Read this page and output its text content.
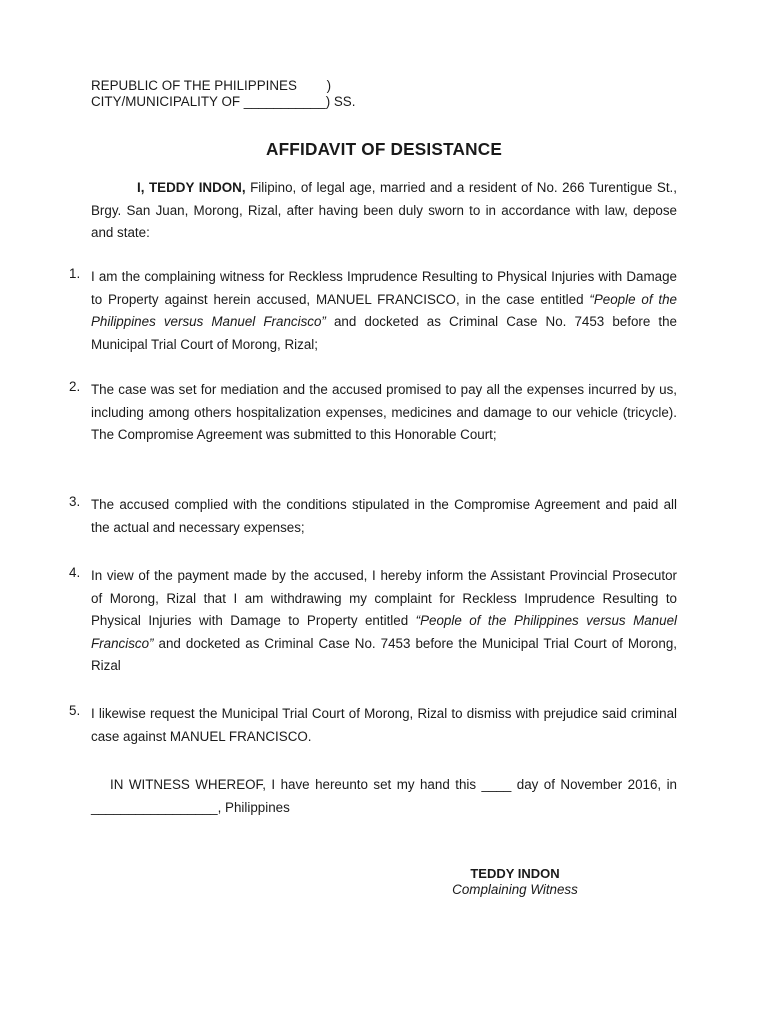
REPUBLIC OF THE PHILIPPINES        )
CITY/MUNICIPALITY OF ___________) SS.
AFFIDAVIT OF DESISTANCE

I, TEDDY INDON, Filipino, of legal age, married and a resident of No. 266 Turentigue St., Brgy. San Juan, Morong, Rizal, after having been duly sworn to in accordance with law, depose and state:

1. I am the complaining witness for Reckless Imprudence Resulting to Physical Injuries with Damage to Property against herein accused, MANUEL FRANCISCO, in the case entitled “People of the Philippines versus Manuel Francisco” and docketed as Criminal Case No. 7453 before the Municipal Trial Court of Morong, Rizal;
2. The case was set for mediation and the accused promised to pay all the expenses incurred by us, including among others hospitalization expenses, medicines and damage to our vehicle (tricycle). The Compromise Agreement was submitted to this Honorable Court;
3. The accused complied with the conditions stipulated in the Compromise Agreement and paid all the actual and necessary expenses;
4. In view of the payment made by the accused, I hereby inform the Assistant Provincial Prosecutor of Morong, Rizal that I am withdrawing my complaint for Reckless Imprudence Resulting to Physical Injuries with Damage to Property entitled “People of the Philippines versus Manuel Francisco” and docketed as Criminal Case No. 7453 before the Municipal Trial Court of Morong, Rizal
5. I likewise request the Municipal Trial Court of Morong, Rizal to dismiss with prejudice said criminal case against MANUEL FRANCISCO.

IN WITNESS WHEREOF, I have hereunto set my hand this ____ day of November 2016, in _________________, Philippines

TEDDY INDON
Complaining Witness
